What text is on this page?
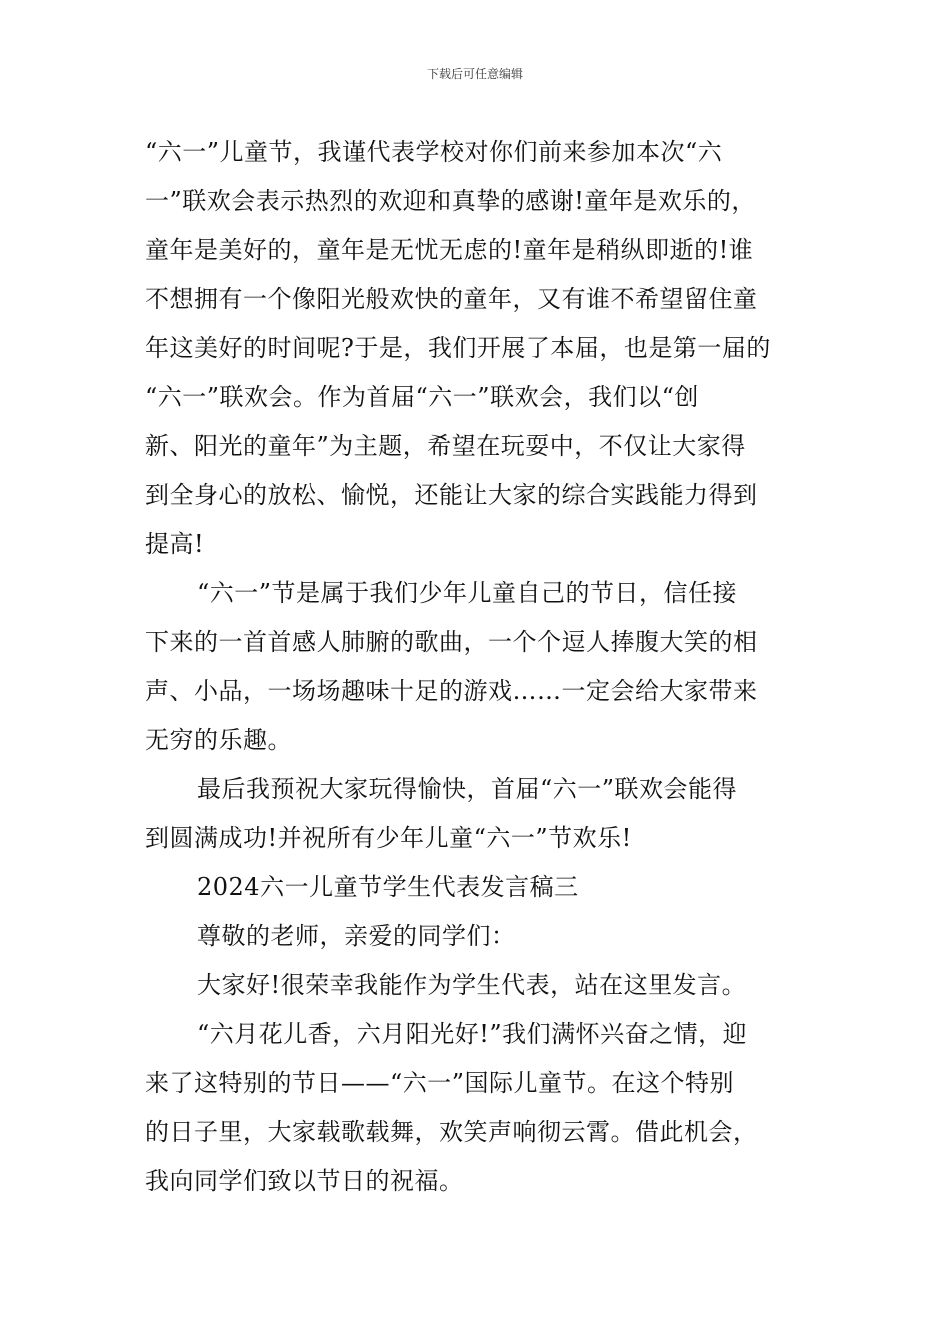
下载后可任意编辑
“六一”儿童节，我谨代表学校对你们前来参加本次“六
一”联欢会表示热烈的欢迎和真挚的感谢!童年是欢乐的，
童年是美好的，童年是无忧无虑的!童年是稍纵即逝的!谁
不想拥有一个像阳光般欢快的童年，又有谁不希望留住童
年这美好的时间呢?于是，我们开展了本届，也是第一届的
“六一”联欢会。作为首届“六一”联欢会，我们以“创
新、阳光的童年”为主题，希望在玩耍中，不仅让大家得
到全身心的放松、愉悦，还能让大家的综合实践能力得到
提高!
“六一”节是属于我们少年儿童自己的节日，信任接
下来的一首首感人肺腑的歌曲，一个个逗人捧腹大笑的相
声、小品，一场场趣味十足的游戏……一定会给大家带来
无穷的乐趣。
最后我预祝大家玩得愉快，首届“六一”联欢会能得
到圆满成功!并祝所有少年儿童“六一”节欢乐!
2024六一儿童节学生代表发言稿三
尊敬的老师，亲爱的同学们：
大家好!很荣幸我能作为学生代表，站在这里发言。
“六月花儿香，六月阳光好!”我们满怀兴奋之情，迎
来了这特别的节日——“六一”国际儿童节。在这个特别
的日子里，大家载歌载舞，欢笑声响彻云霄。借此机会，
我向同学们致以节日的祝福。
